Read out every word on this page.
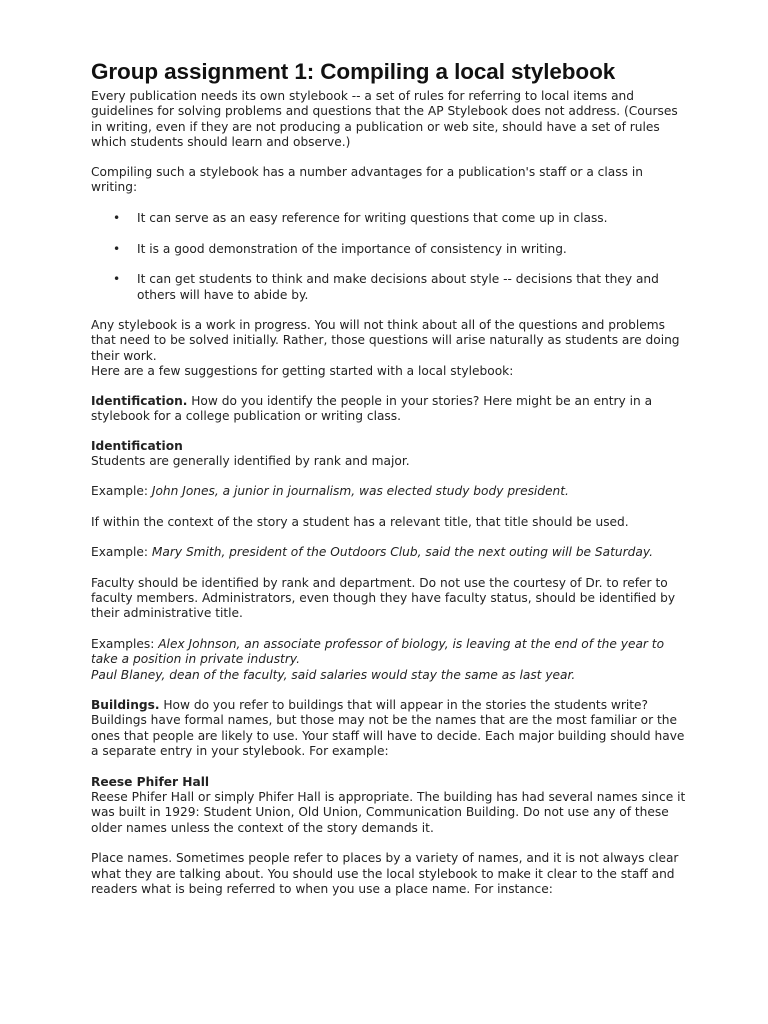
Group assignment 1: Compiling a local stylebook

Every publication needs its own stylebook -- a set of rules for referring to local items and guidelines for solving problems and questions that the AP Stylebook does not address. (Courses in writing, even if they are not producing a publication or web site, should have a set of rules which students should learn and observe.)

Compiling such a stylebook has a number advantages for a publication's staff or a class in writing:

• It can serve as an easy reference for writing questions that come up in class.
• It is a good demonstration of the importance of consistency in writing.
• It can get students to think and make decisions about style -- decisions that they and others will have to abide by.

Any stylebook is a work in progress. You will not think about all of the questions and problems that need to be solved initially. Rather, those questions will arise naturally as students are doing their work.

Here are a few suggestions for getting started with a local stylebook:

Identification. How do you identify the people in your stories? Here might be an entry in a stylebook for a college publication or writing class.

Identification

Students are generally identified by rank and major.

Example: John Jones, a junior in journalism, was elected study body president.

If within the context of the story a student has a relevant title, that title should be used.

Example: Mary Smith, president of the Outdoors Club, said the next outing will be Saturday.

Faculty should be identified by rank and department. Do not use the courtesy of Dr. to refer to faculty members. Administrators, even though they have faculty status, should be identified by their administrative title.

Examples: Alex Johnson, an associate professor of biology, is leaving at the end of the year to take a position in private industry.

Paul Blaney, dean of the faculty, said salaries would stay the same as last year.

Buildings. How do you refer to buildings that will appear in the stories the students write? Buildings have formal names, but those may not be the names that are the most familiar or the ones that people are likely to use. Your staff will have to decide. Each major building should have a separate entry in your stylebook. For example:

Reese Phifer Hall

Reese Phifer Hall or simply Phifer Hall is appropriate. The building has had several names since it was built in 1929: Student Union, Old Union, Communication Building. Do not use any of these older names unless the context of the story demands it.

Place names. Sometimes people refer to places by a variety of names, and it is not always clear what they are talking about. You should use the local stylebook to make it clear to the staff and readers what is being referred to when you use a place name. For instance:
